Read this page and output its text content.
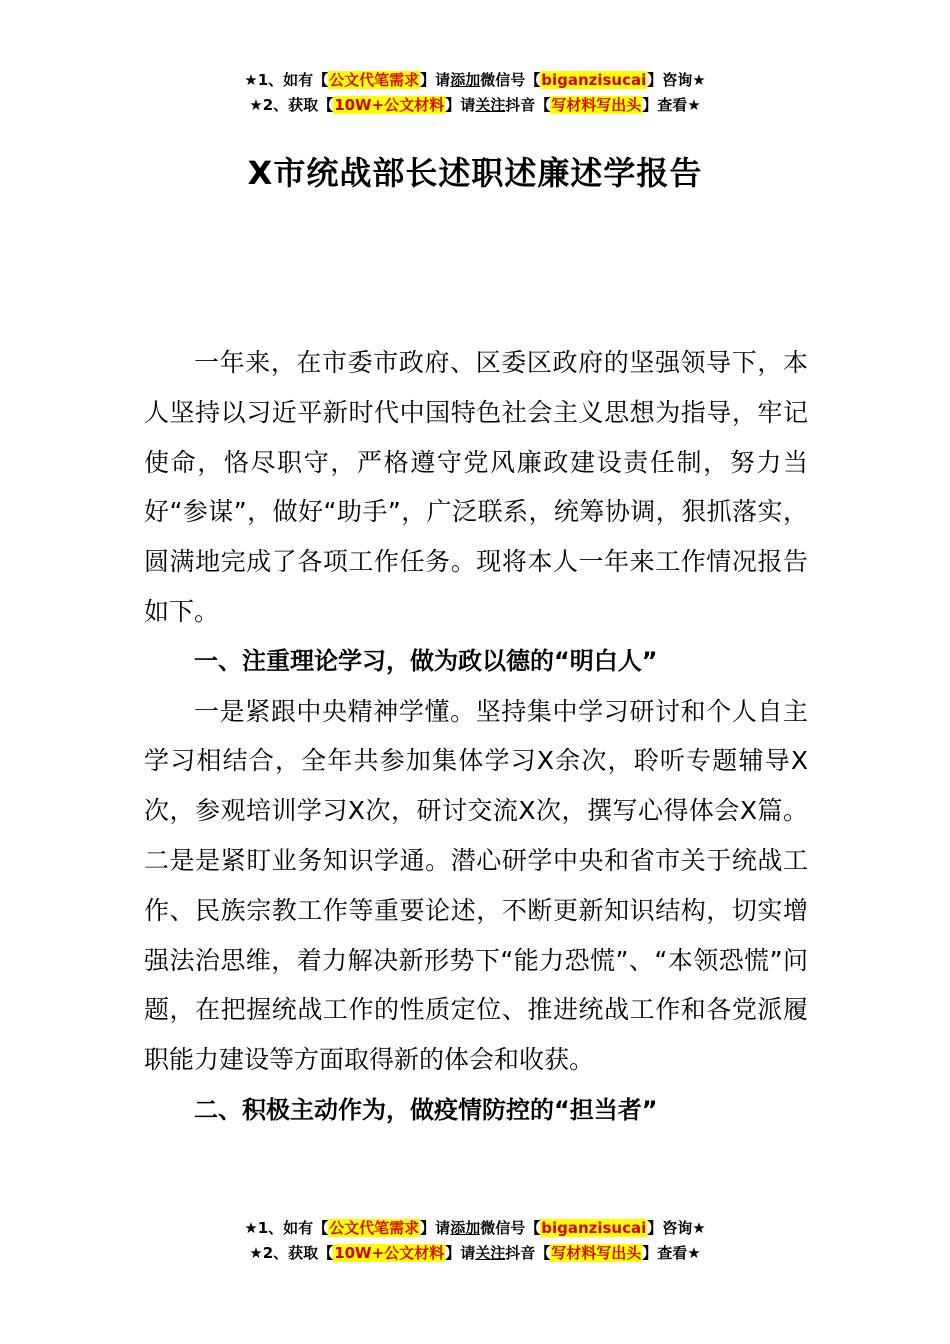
★1、如有【公文代笔需求】请添加微信号【biganzisucai】咨询★
★2、获取【10W+公文材料】请关注抖音【写材料写出头】查看★
X市统战部长述职述廉述学报告

一年来，在市委市政府、区委区政府的坚强领导下，本人坚持以习近平新时代中国特色社会主义思想为指导，牢记使命，恪尽职守，严格遵守党风廉政建设责任制，努力当好“参谋”，做好“助手”，广泛联系，统筹协调，狠抓落实，圆满地完成了各项工作任务。现将本人一年来工作情况报告如下。

一、注重理论学习，做为政以德的“明白人”

一是紧跟中央精神学懂。坚持集中学习研讨和个人自主学习相结合，全年共参加集体学习X余次，聆听专题辅导X次，参观培训学习X次，研讨交流X次，撰写心得体会X篇。二是是紧盯业务知识学通。潜心研学中央和省市关于统战工作、民族宗教工作等重要论述，不断更新知识结构，切实增强法治思维，着力解决新形势下“能力恐慌”、“本领恐慌”问题，在把握统战工作的性质定位、推进统战工作和各党派履职能力建设等方面取得新的体会和收获。

二、积极主动作为，做疫情防控的“担当者”

★1、如有【公文代笔需求】请添加微信号【biganzisucai】咨询★
★2、获取【10W+公文材料】请关注抖音【写材料写出头】查看★
